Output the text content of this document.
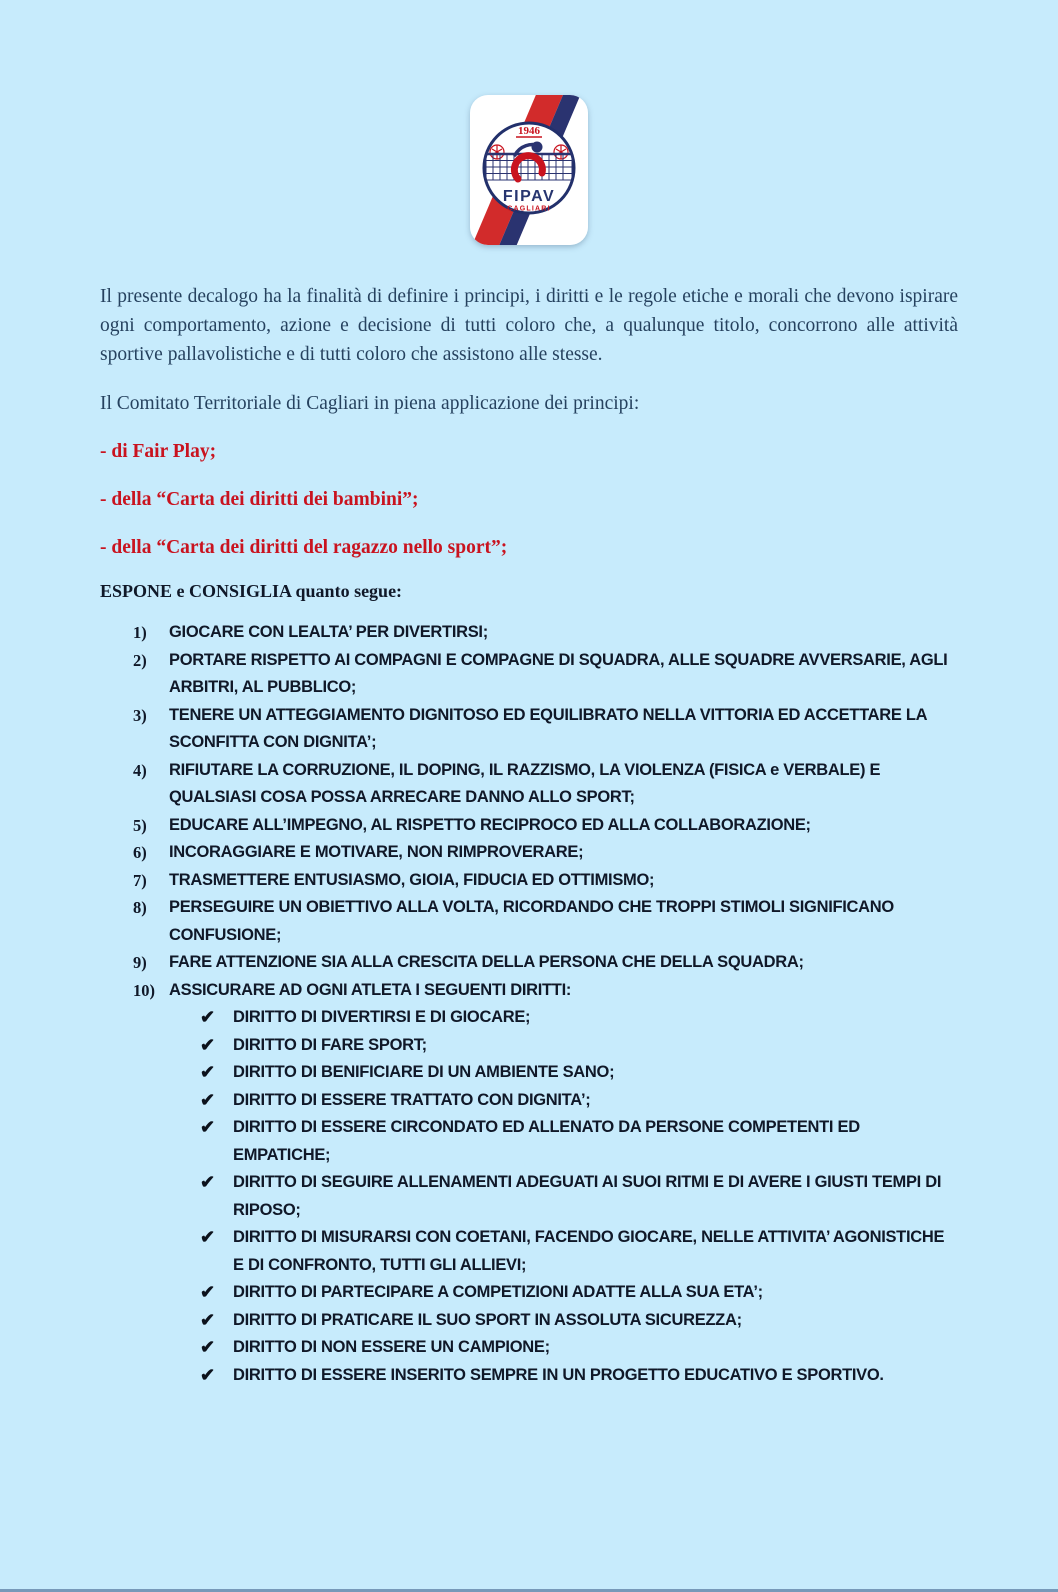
1946
FIPAV
CAGLIARI

Il presente decalogo ha la finalità di definire i principi, i diritti e le regole etiche e morali che devono ispirare ogni comportamento, azione e decisione di tutti coloro che, a qualunque titolo, concorrono alle attività sportive pallavolistiche e di tutti coloro che assistono alle stesse.

Il Comitato Territoriale di Cagliari in piena applicazione dei principi:

- di Fair Play;

- della “Carta dei diritti dei bambini”;

- della “Carta dei diritti del ragazzo nello sport”;

ESPONE e CONSIGLIA quanto segue:

1)	GIOCARE CON LEALTA’ PER DIVERTIRSI;
2)	PORTARE RISPETTO AI COMPAGNI E COMPAGNE DI SQUADRA, ALLE SQUADRE AVVERSARIE, AGLI ARBITRI, AL PUBBLICO;
3)	TENERE UN ATTEGGIAMENTO DIGNITOSO ED EQUILIBRATO NELLA VITTORIA ED ACCETTARE LA SCONFITTA CON DIGNITA’;
4)	RIFIUTARE LA CORRUZIONE, IL DOPING, IL RAZZISMO, LA VIOLENZA (FISICA e VERBALE) E QUALSIASI COSA POSSA ARRECARE DANNO ALLO SPORT;
5)	EDUCARE ALL’IMPEGNO, AL RISPETTO RECIPROCO ED ALLA COLLABORAZIONE;
6)	INCORAGGIARE E MOTIVARE, NON RIMPROVERARE;
7)	TRASMETTERE ENTUSIASMO, GIOIA, FIDUCIA ED OTTIMISMO;
8)	PERSEGUIRE UN OBIETTIVO ALLA VOLTA, RICORDANDO CHE TROPPI STIMOLI SIGNIFICANO CONFUSIONE;
9)	FARE ATTENZIONE SIA ALLA CRESCITA DELLA PERSONA CHE DELLA SQUADRA;
10) ASSICURARE AD OGNI ATLETA I SEGUENTI DIRITTI:
✔	DIRITTO DI DIVERTIRSI E DI GIOCARE;
✔	DIRITTO DI FARE SPORT;
✔	DIRITTO DI BENIFICIARE DI UN AMBIENTE SANO;
✔	DIRITTO DI ESSERE TRATTATO CON DIGNITA’;
✔	DIRITTO DI ESSERE CIRCONDATO ED ALLENATO DA PERSONE COMPETENTI ED EMPATICHE;
✔	DIRITTO DI SEGUIRE ALLENAMENTI ADEGUATI AI SUOI RITMI E DI AVERE I GIUSTI TEMPI DI RIPOSO;
✔	DIRITTO DI MISURARSI CON COETANI, FACENDO GIOCARE, NELLE ATTIVITA’ AGONISTICHE E DI CONFRONTO, TUTTI GLI ALLIEVI;
✔	DIRITTO DI PARTECIPARE A COMPETIZIONI ADATTE ALLA SUA ETA’;
✔	DIRITTO DI PRATICARE IL SUO SPORT IN ASSOLUTA SICUREZZA;
✔	DIRITTO DI NON ESSERE UN CAMPIONE;
✔	DIRITTO DI ESSERE INSERITO SEMPRE IN UN PROGETTO EDUCATIVO E SPORTIVO.
